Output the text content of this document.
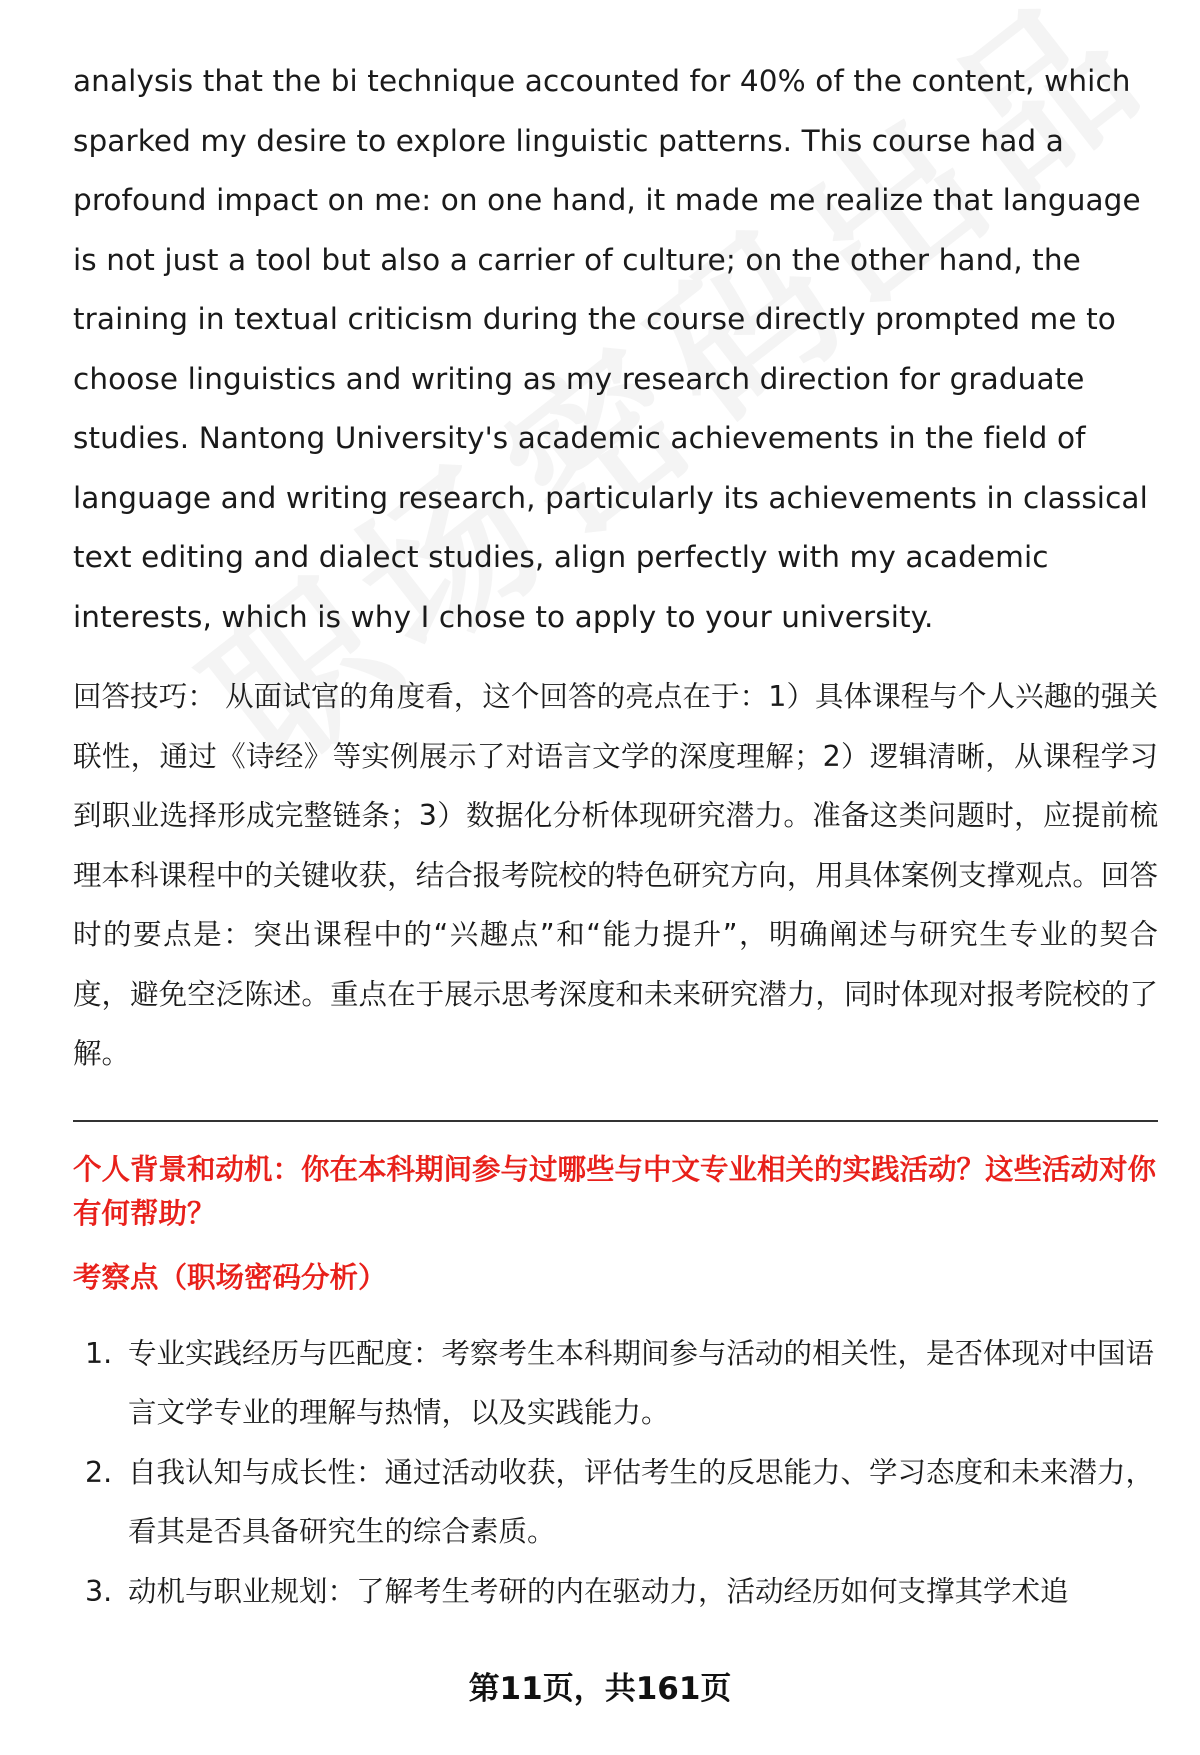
analysis that the bi technique accounted for 40% of the content, which sparked my desire to explore linguistic patterns. This course had a profound impact on me: on one hand, it made me realize that language is not just a tool but also a carrier of culture; on the other hand, the training in textual criticism during the course directly prompted me to choose linguistics and writing as my research direction for graduate studies. Nantong University's academic achievements in the field of language and writing research, particularly its achievements in classical text editing and dialect studies, align perfectly with my academic interests, which is why I chose to apply to your university.

回答技巧： 从面试官的角度看，这个回答的亮点在于：1）具体课程与个人兴趣的强关联性，通过《诗经》等实例展示了对语言文学的深度理解；2）逻辑清晰，从课程学习到职业选择形成完整链条；3）数据化分析体现研究潜力。准备这类问题时，应提前梳理本科课程中的关键收获，结合报考院校的特色研究方向，用具体案例支撑观点。回答时的要点是：突出课程中的“兴趣点”和“能力提升”，明确阐述与研究生专业的契合度，避免空泛陈述。重点在于展示思考深度和未来研究潜力，同时体现对报考院校的了解。

个人背景和动机：你在本科期间参与过哪些与中文专业相关的实践活动？这些活动对你有何帮助？
考察点（职场密码分析）
1. 专业实践经历与匹配度：考察考生本科期间参与活动的相关性，是否体现对中国语言文学专业的理解与热情，以及实践能力。
2. 自我认知与成长性：通过活动收获，评估考生的反思能力、学习态度和未来潜力，看其是否具备研究生的综合素质。
3. 动机与职业规划：了解考生考研的内在驱动力，活动经历如何支撑其学术追
第11页，共161页
